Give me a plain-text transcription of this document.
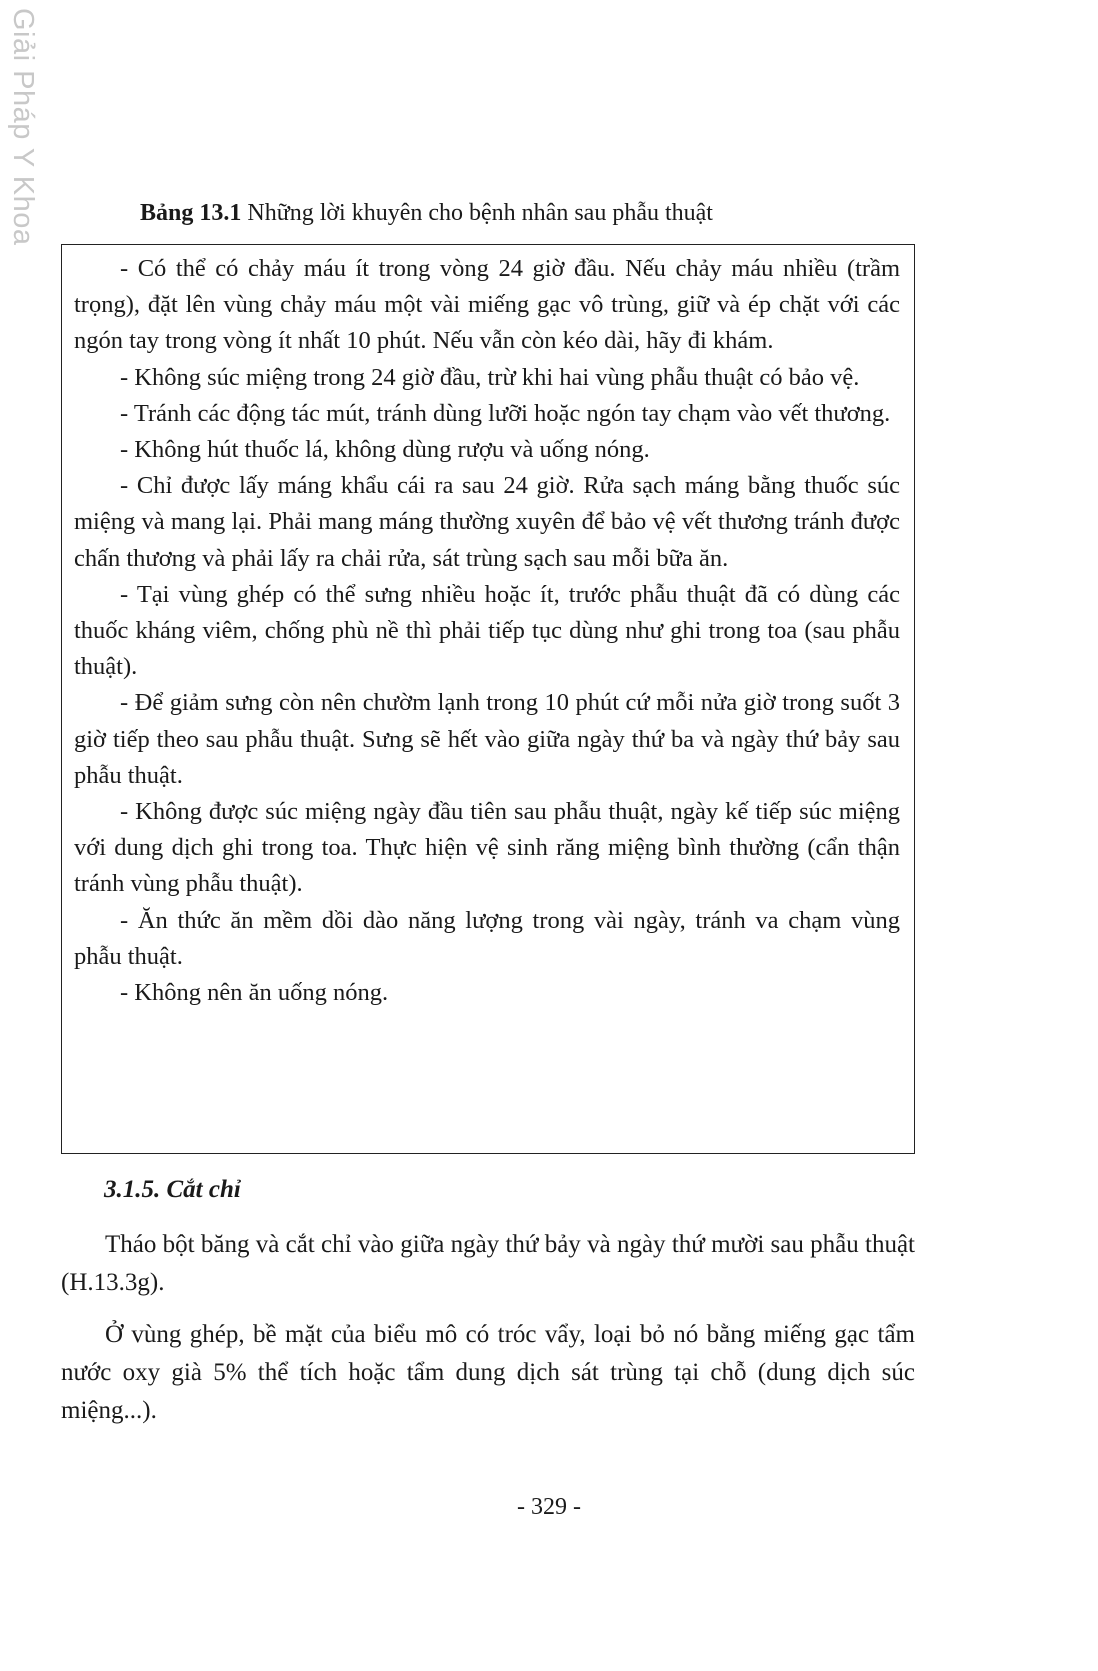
Giải Pháp Y Khoa	Bảng 13.1 Những lời khuyên cho bệnh nhân sau phẫu thuật

- Có thể có chảy máu ít trong vòng 24 giờ đầu. Nếu chảy máu nhiều (trầm trọng), đặt lên vùng chảy máu một vài miếng gạc vô trùng, giữ và ép chặt với các ngón tay trong vòng ít nhất 10 phút. Nếu vẫn còn kéo dài, hãy đi khám.

- Không súc miệng trong 24 giờ đầu, trừ khi hai vùng phẫu thuật có bảo vệ.

- Tránh các động tác mút, tránh dùng lưỡi hoặc ngón tay chạm vào vết thương.

- Không hút thuốc lá, không dùng rượu và uống nóng.

- Chỉ được lấy máng khẩu cái ra sau 24 giờ. Rửa sạch máng bằng thuốc súc miệng và mang lại. Phải mang máng thường xuyên để bảo vệ vết thương tránh được chấn thương và phải lấy ra chải rửa, sát trùng sạch sau mỗi bữa ăn.

- Tại vùng ghép có thể sưng nhiều hoặc ít, trước phẫu thuật đã có dùng các thuốc kháng viêm, chống phù nề thì phải tiếp tục dùng như ghi trong toa (sau phẫu thuật).

- Để giảm sưng còn nên chườm lạnh trong 10 phút cứ mỗi nửa giờ trong suốt 3 giờ tiếp theo sau phẫu thuật. Sưng sẽ hết vào giữa ngày thứ ba và ngày thứ bảy sau phẫu thuật.

- Không được súc miệng ngày đầu tiên sau phẫu thuật, ngày kế tiếp súc miệng với dung dịch ghi trong toa. Thực hiện vệ sinh răng miệng bình thường (cẩn thận tránh vùng phẫu thuật).

- Ăn thức ăn mềm dồi dào năng lượng trong vài ngày, tránh va chạm vùng phẫu thuật.

- Không nên ăn uống nóng.

3.1.5. Cắt chỉ

Tháo bột băng và cắt chỉ vào giữa ngày thứ bảy và ngày thứ mười sau phẫu thuật (H.13.3g).

Ở vùng ghép, bề mặt của biểu mô có tróc vẩy, loại bỏ nó bằng miếng gạc tẩm nước oxy già 5% thể tích hoặc tẩm dung dịch sát trùng tại chỗ (dung dịch súc miệng...).

- 329 -
